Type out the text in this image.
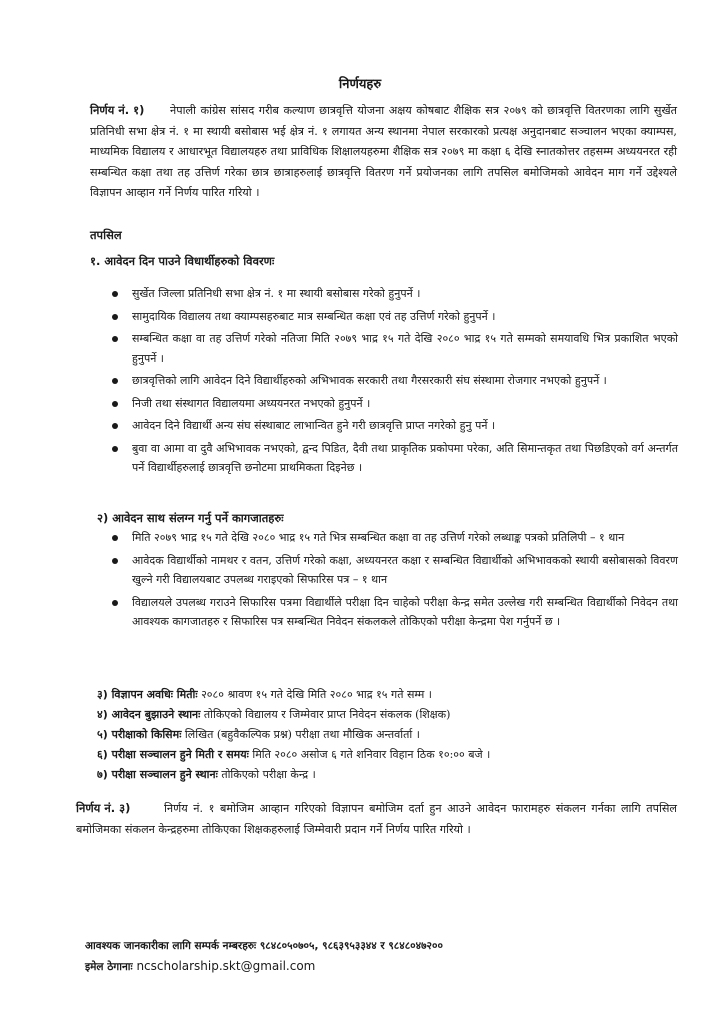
निर्णयहरु
निर्णय नं. १) नेपाली कांग्रेस सांसद गरीब कल्याण छात्रवृत्ति योजना अक्षय कोषबाट शैक्षिक सत्र २०७९ को छात्रवृत्ति वितरणका लागि सुर्खेत प्रतिनिधी सभा क्षेत्र नं. १ मा स्थायी बसोबास भई क्षेत्र नं. १ लगायत अन्य स्थानमा नेपाल सरकारको प्रत्यक्ष अनुदानबाट सञ्चालन भएका क्याम्पस, माध्यमिक विद्यालय र आधारभूत विद्यालयहरु तथा प्राविधिक शिक्षालयहरुमा शैक्षिक सत्र २०७९ मा कक्षा ६ देखि स्नातकोत्तर तहसम्म अध्ययनरत रही सम्बन्धित कक्षा तथा तह उत्तिर्ण गरेका छात्र छात्राहरुलाई छात्रवृत्ति वितरण गर्ने प्रयोजनका लागि तपसिल बमोजिमको आवेदन माग गर्ने उद्देश्यले विज्ञापन आव्हान गर्ने निर्णय पारित गरियो ।
तपसिल
१. आवेदन दिन पाउने विधार्थीहरुको विवरणः
सुर्खेत जिल्ला प्रतिनिधी सभा क्षेत्र नं. १ मा स्थायी बसोबास गरेको हुनुपर्ने ।
सामुदायिक विद्यालय तथा क्याम्पसहरुबाट मात्र सम्बन्धित कक्षा एवं तह उत्तिर्ण गरेको हुनुपर्ने ।
सम्बन्धित कक्षा वा तह उत्तिर्ण गरेको नतिजा मिति २०७९ भाद्र १५ गते देखि २०८० भाद्र १५ गते सम्मको समयावधि भित्र प्रकाशित भएको हुनुपर्ने ।
छात्रवृत्तिको लागि आवेदन दिने विद्यार्थीहरुको अभिभावक सरकारी तथा गैरसरकारी संघ संस्थामा रोजगार नभएको हुनुपर्ने ।
निजी तथा संस्थागत विद्यालयमा अध्ययनरत नभएको हुनुपर्ने ।
आवेदन दिने विद्यार्थी अन्य संघ संस्थाबाट लाभान्वित हुने गरी छात्रवृत्ति प्राप्त नगरेको हुनु पर्ने ।
बुवा वा आमा वा दुवै अभिभावक नभएको, द्वन्द पिडित, दैवी तथा प्राकृतिक प्रकोपमा परेका, अति सिमान्तकृत तथा पिछडिएको वर्ग अन्तर्गत पर्ने विद्यार्थीहरुलाई छात्रवृत्ति छनोटमा प्राथमिकता दिइनेछ ।
२) आवेदन साथ संलग्न गर्नु पर्ने कागजातहरुः
मिति २०७९ भाद्र १५ गते देखि २०८० भाद्र १५ गते भित्र सम्बन्धित कक्षा वा तह उत्तिर्ण गरेको लब्धाङ्क पत्रको प्रतिलिपी – १ थान
आवेदक विद्यार्थीको नामथर र वतन, उत्तिर्ण गरेको कक्षा, अध्ययनरत कक्षा र सम्बन्धित विद्यार्थीको अभिभावकको स्थायी बसोबासको विवरण खुल्ने गरी विद्यालयबाट उपलब्ध गराइएको सिफारिस पत्र – १ थान
विद्यालयले उपलब्ध गराउने सिफारिस पत्रमा विद्यार्थीले परीक्षा दिन चाहेको परीक्षा केन्द्र समेत उल्लेख गरी सम्बन्धित विद्यार्थीको निवेदन तथा आवश्यक कागजातहरु र सिफारिस पत्र सम्बन्धित निवेदन संकलकले तोकिएको परीक्षा केन्द्रमा पेश गर्नुपर्ने छ ।
३) विज्ञापन अवधिः मितीः २०८० श्रावण १५ गते देखि मिति २०८० भाद्र १५ गते सम्म ।
४) आवेदन बुझाउने स्थानः तोकिएको विद्यालय र जिम्मेवार प्राप्त निवेदन संकलक (शिक्षक)
५) परीक्षाको किसिमः लिखित (बहुवैकल्पिक प्रश्न) परीक्षा तथा मौखिक अन्तर्वार्ता ।
६) परीक्षा सञ्चालन हुने मिती र समयः मिति २०८० असोज ६ गते शनिवार विहान ठिक १०:०० बजे ।
७) परीक्षा सञ्चालन हुने स्थानः तोकिएको परीक्षा केन्द्र ।
निर्णय नं. ३)	निर्णय नं. १ बमोजिम आव्हान गरिएको विज्ञापन बमोजिम दर्ता हुन आउने आवेदन फारामहरु संकलन गर्नका लागि तपसिल बमोजिमका संकलन केन्द्रहरुमा तोकिएका शिक्षकहरुलाई जिम्मेवारी प्रदान गर्ने निर्णय पारित गरियो ।
आवश्यक जानकारीका लागि सम्पर्क नम्बरहरुः ९८४८०५०७०५, ९८६३९५३३४४ र ९८४८०४७२००
इमेल ठेगानाः ncscholarship.skt@gmail.com
